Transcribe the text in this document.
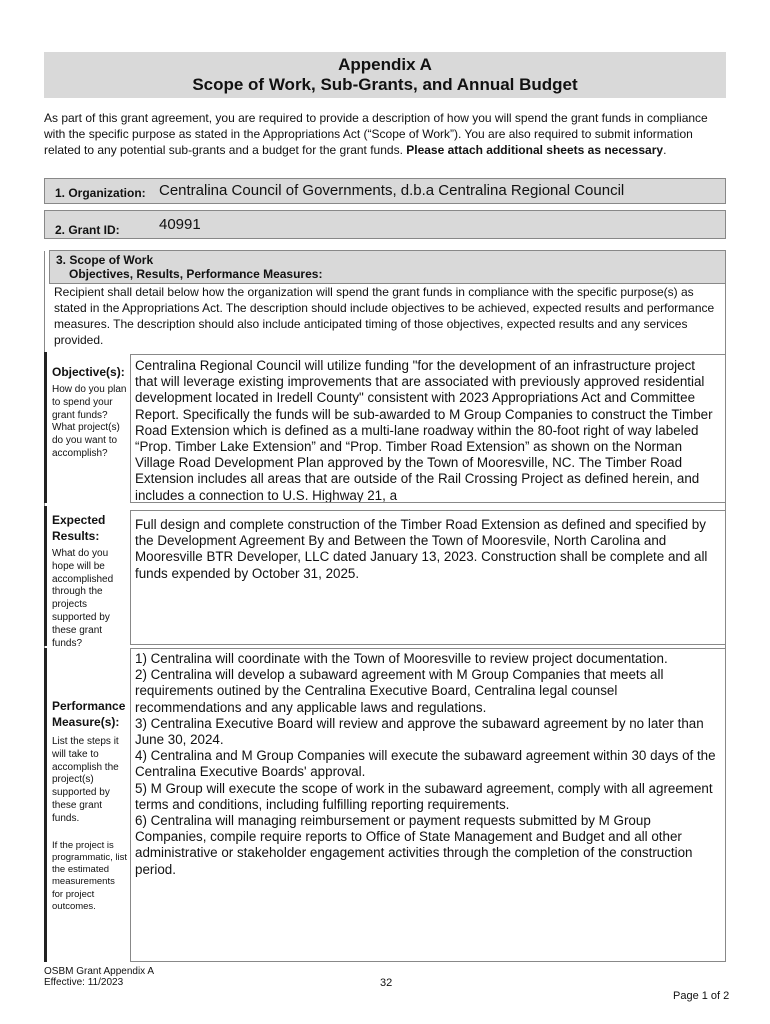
Appendix A
Scope of Work, Sub-Grants, and Annual Budget
As part of this grant agreement, you are required to provide a description of how you will spend the grant funds in compliance with the specific purpose as stated in the Appropriations Act (“Scope of Work”). You are also required to submit information related to any potential sub-grants and a budget for the grant funds. Please attach additional sheets as necessary.
1. Organization: Centralina Council of Governments, d.b.a Centralina Regional Council
2. Grant ID:	40991
3. Scope of Work
Objectives, Results, Performance Measures:
Recipient shall detail below how the organization will spend the grant funds in compliance with the specific purpose(s) as stated in the Appropriations Act. The description should include objectives to be achieved, expected results and performance measures. The description should also include anticipated timing of those objectives, expected results and any services provided.
Objective(s):
How do you plan to spend your grant funds? What project(s) do you want to accomplish?

Centralina Regional Council will utilize funding "for the development of an infrastructure project that will leverage existing improvements that are associated with previously approved residential development located in Iredell County" consistent with 2023 Appropriations Act and Committee Report. Specifically the funds will be sub-awarded to M Group Companies to construct the Timber Road Extension which is defined as a multi-lane roadway within the 80-foot right of way labeled “Prop. Timber Lake Extension” and “Prop. Timber Road Extension” as shown on the Norman Village Road Development Plan approved by the Town of Mooresville, NC. The Timber Road Extension includes all areas that are outside of the Rail Crossing Project as defined herein, and includes a connection to U.S. Highway 21, a

Expected Results:
What do you hope will be accomplished through the projects supported by these grant funds?

Full design and complete construction of the Timber Road Extension as defined and specified by the Development Agreement By and Between the Town of Mooresvile, North Carolina and Mooresville BTR Developer, LLC dated January 13, 2023. Construction shall be complete and all funds expended by October 31, 2025.

Performance Measure(s):
List the steps it will take to accomplish the project(s) supported by these grant funds.
If the project is programmatic, list the estimated measurements for project outcomes.

1) Centralina will coordinate with the Town of Mooresville to review project documentation.

2) Centralina will develop a subaward agreement with M Group Companies that meets all requirements outined by the Centralina Executive Board, Centralina legal counsel recommendations and any applicable laws and regulations.

3) Centralina Executive Board will review and approve the subaward agreement by no later than June 30, 2024.

4) Centralina and M Group Companies will execute the subaward agreement within 30 days of the Centralina Executive Boards' approval.

5) M Group will execute the scope of work in the subaward agreement, comply with all agreement terms and conditions, including fulfilling reporting requirements.

6) Centralina will managing reimbursement or payment requests submitted by M Group Companies, compile require reports to Office of State Management and Budget and all other administrative or stakeholder engagement activities through the completion of the construction period.

OSBM Grant Appendix A
Effective: 11/2023	32
Page 1 of 2
